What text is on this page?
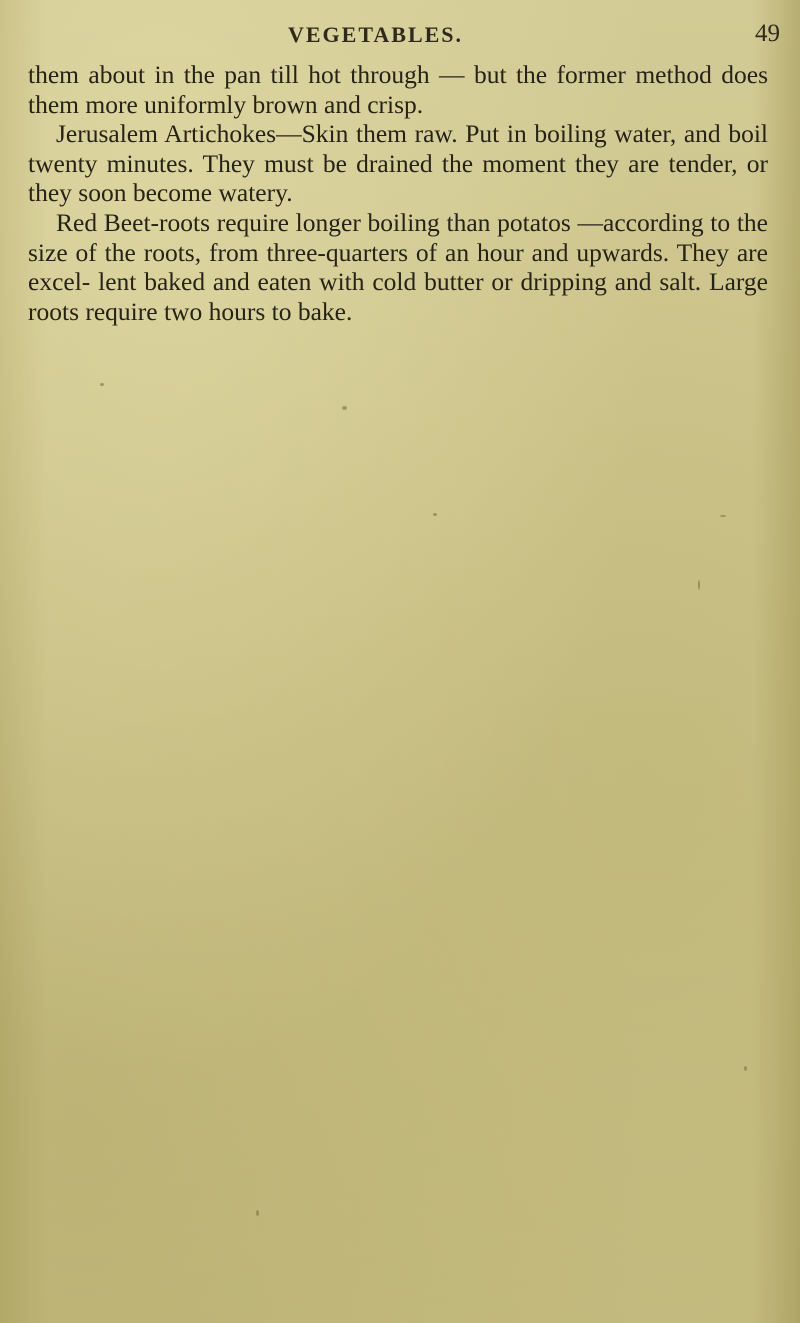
VEGETABLES.	49

them about in the pan till hot through — but the former method does them more uniformly brown and crisp.

Jerusalem Artichokes—Skin them raw. Put in boiling water, and boil twenty minutes. They must be drained the moment they are tender, or they soon become watery.

Red Beet-roots require longer boiling than potatos —according to the size of the roots, from three-quarters of an hour and upwards. They are excel- lent baked and eaten with cold butter or dripping and salt. Large roots require two hours to bake.
